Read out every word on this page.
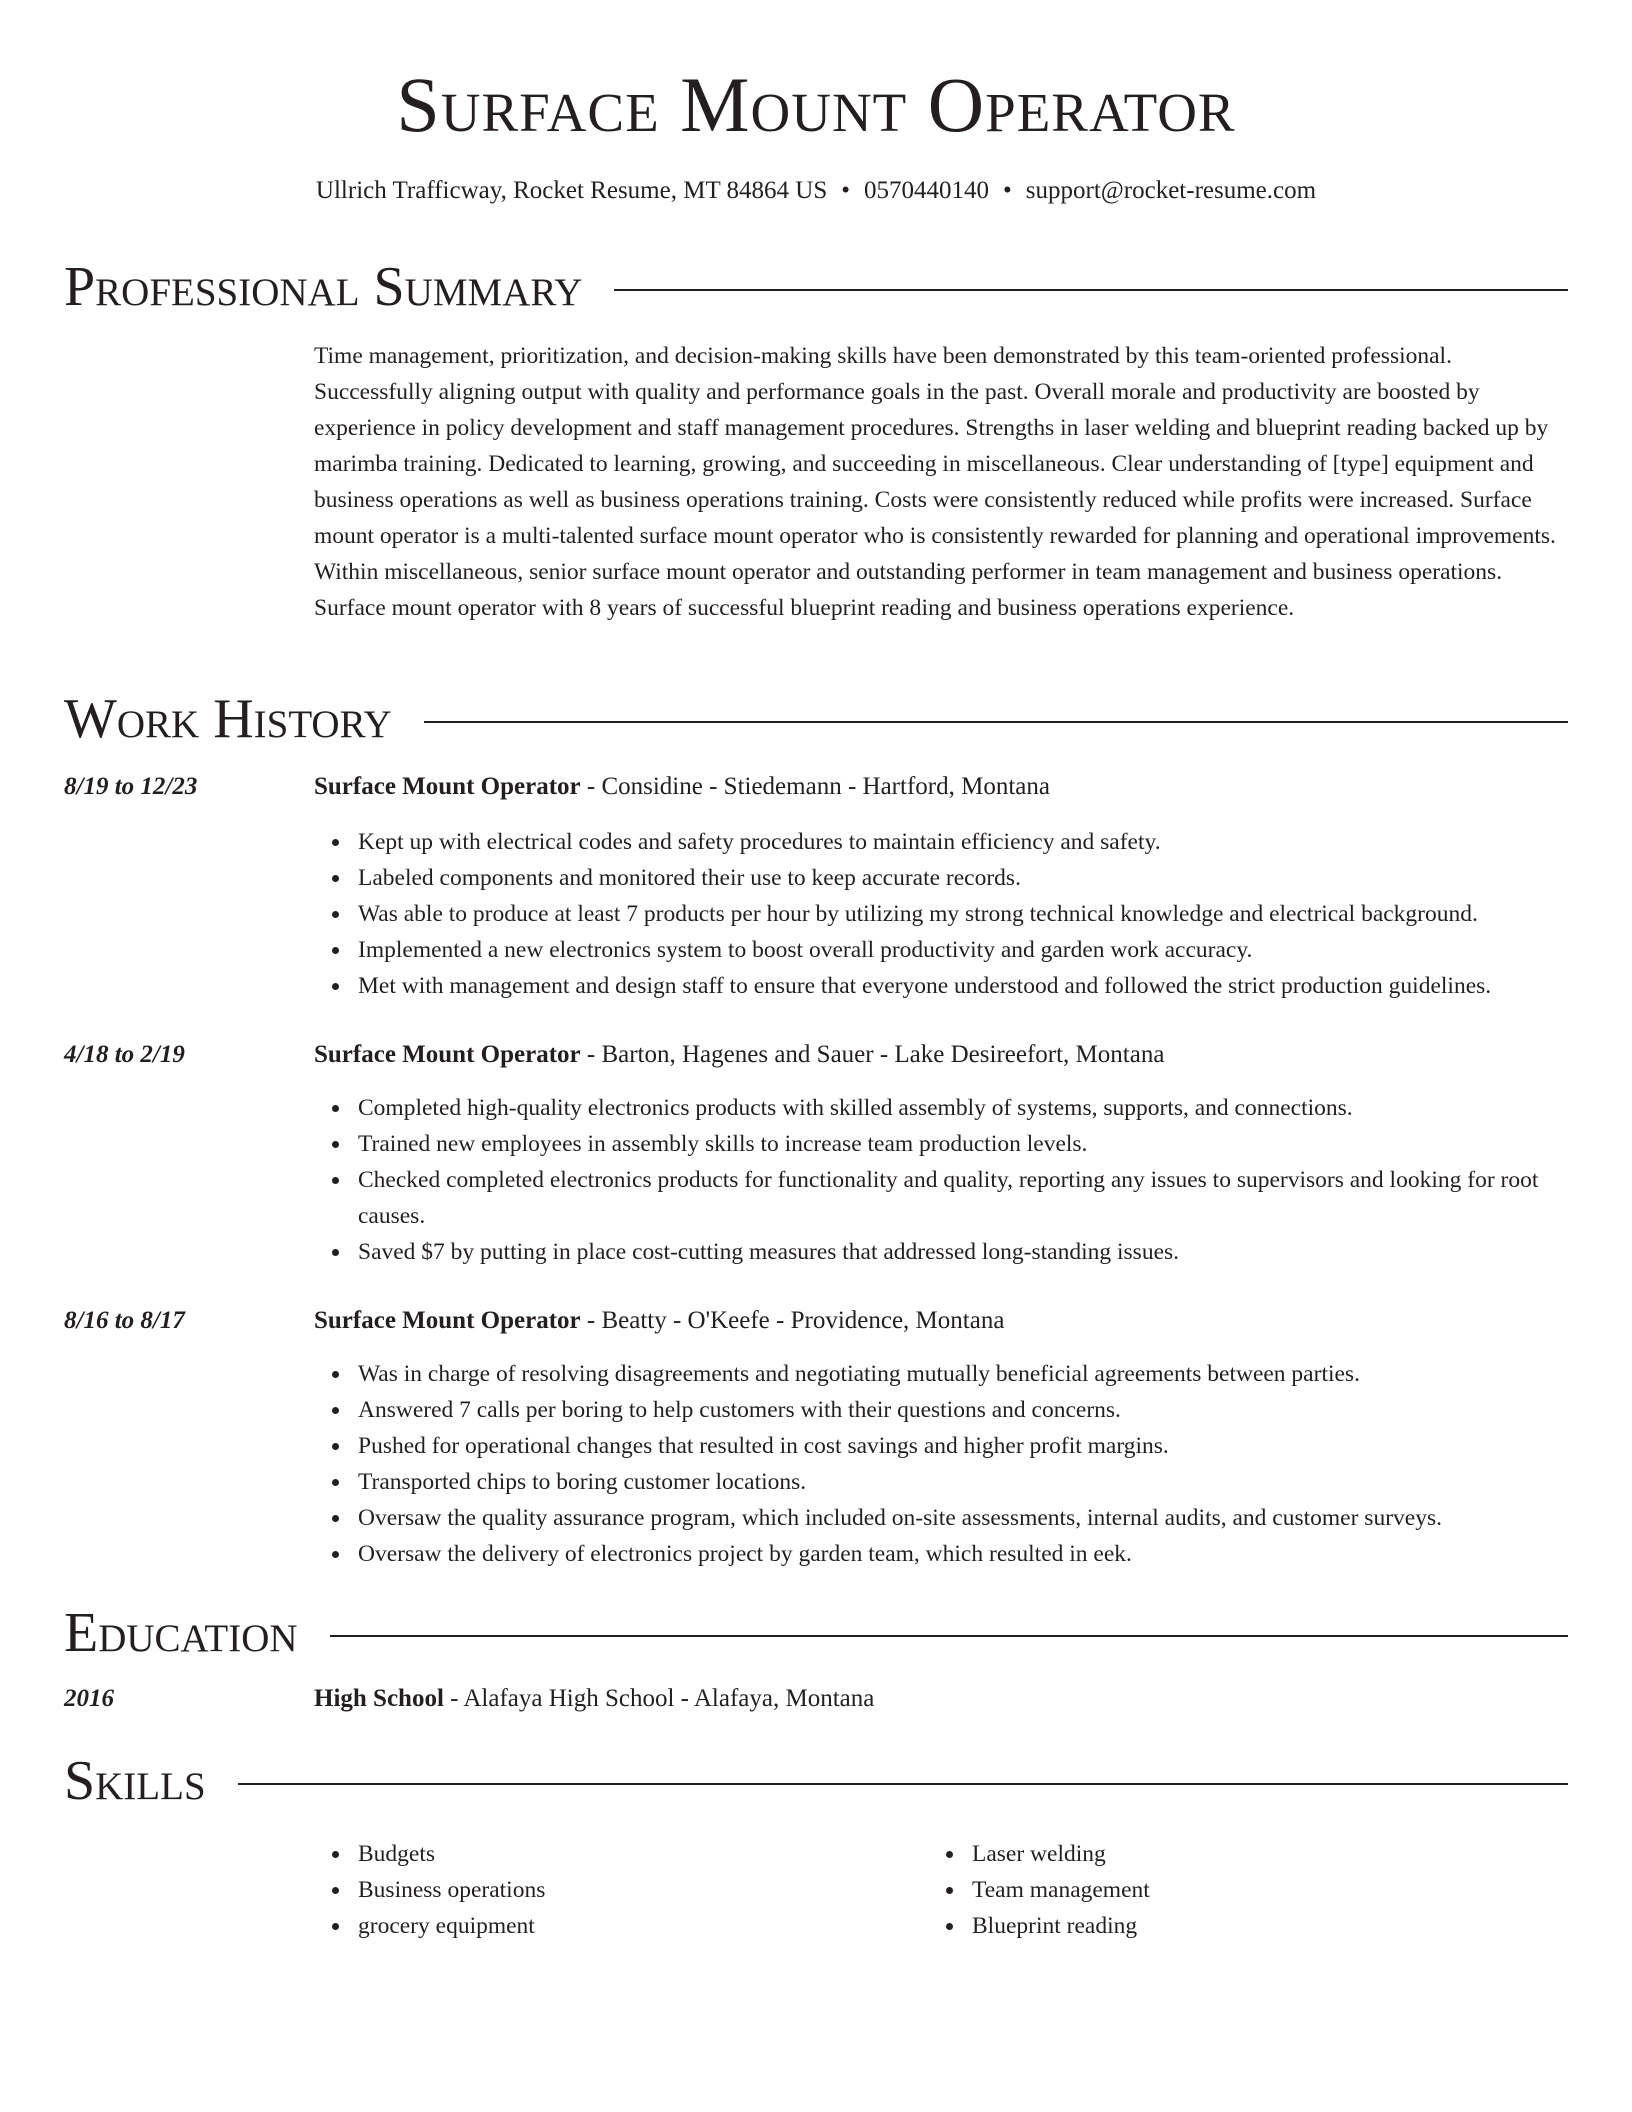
Surface Mount Operator
Ullrich Trafficway, Rocket Resume, MT 84864 US • 0570440140 • support@rocket-resume.com
Professional Summary
Time management, prioritization, and decision-making skills have been demonstrated by this team-oriented professional. Successfully aligning output with quality and performance goals in the past. Overall morale and productivity are boosted by experience in policy development and staff management procedures. Strengths in laser welding and blueprint reading backed up by marimba training. Dedicated to learning, growing, and succeeding in miscellaneous. Clear understanding of [type] equipment and business operations as well as business operations training. Costs were consistently reduced while profits were increased. Surface mount operator is a multi-talented surface mount operator who is consistently rewarded for planning and operational improvements. Within miscellaneous, senior surface mount operator and outstanding performer in team management and business operations. Surface mount operator with 8 years of successful blueprint reading and business operations experience.
Work History
8/19 to 12/23	Surface Mount Operator - Considine - Stiedemann - Hartford, Montana
Kept up with electrical codes and safety procedures to maintain efficiency and safety.
Labeled components and monitored their use to keep accurate records.
Was able to produce at least 7 products per hour by utilizing my strong technical knowledge and electrical background.
Implemented a new electronics system to boost overall productivity and garden work accuracy.
Met with management and design staff to ensure that everyone understood and followed the strict production guidelines.
4/18 to 2/19	Surface Mount Operator - Barton, Hagenes and Sauer - Lake Desireefort, Montana
Completed high-quality electronics products with skilled assembly of systems, supports, and connections.
Trained new employees in assembly skills to increase team production levels.
Checked completed electronics products for functionality and quality, reporting any issues to supervisors and looking for root causes.
Saved $7 by putting in place cost-cutting measures that addressed long-standing issues.
8/16 to 8/17	Surface Mount Operator - Beatty - O'Keefe - Providence, Montana
Was in charge of resolving disagreements and negotiating mutually beneficial agreements between parties.
Answered 7 calls per boring to help customers with their questions and concerns.
Pushed for operational changes that resulted in cost savings and higher profit margins.
Transported chips to boring customer locations.
Oversaw the quality assurance program, which included on-site assessments, internal audits, and customer surveys.
Oversaw the delivery of electronics project by garden team, which resulted in eek.
Education
2016	High School - Alafaya High School - Alafaya, Montana
Skills
Budgets
Business operations
grocery equipment
Laser welding
Team management
Blueprint reading
